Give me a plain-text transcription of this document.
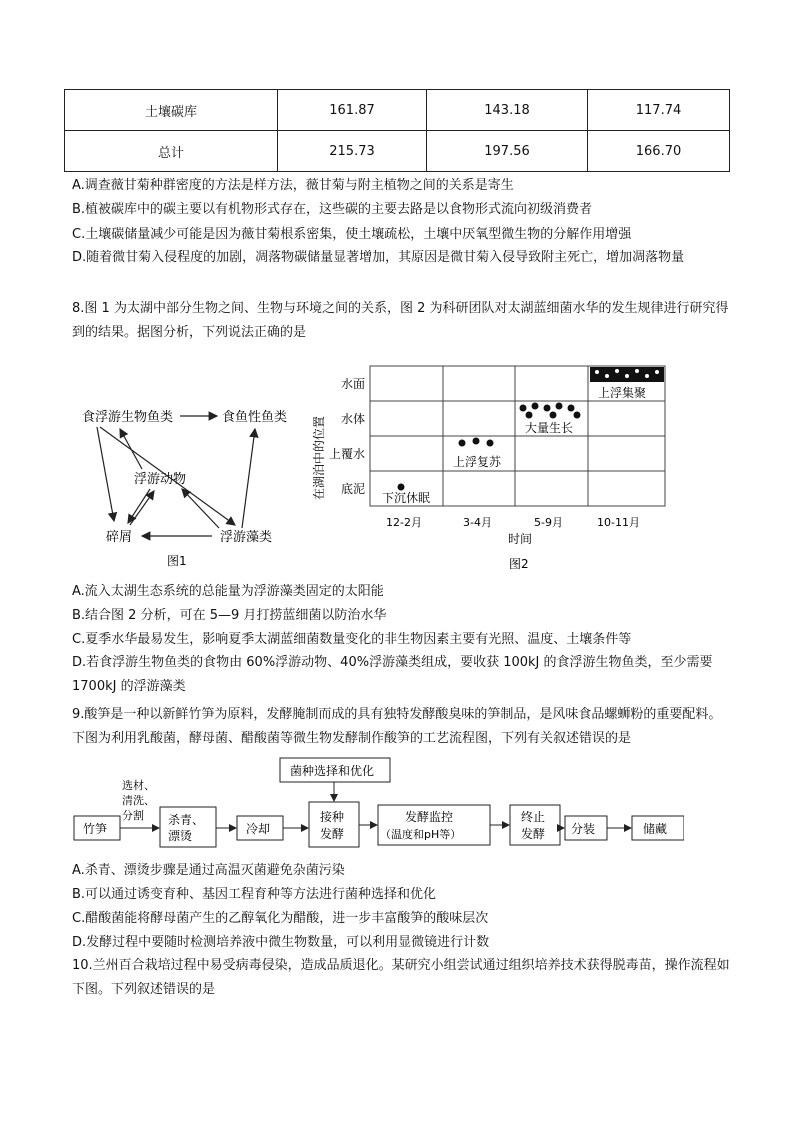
土壤碳库	161.87	143.18	117.74
总计	215.73	197.56	166.70
A.调查薇甘菊种群密度的方法是样方法，薇甘菊与附主植物之间的关系是寄生
B.植被碳库中的碳主要以有机物形式存在，这些碳的主要去路是以食物形式流向初级消费者
C.土壤碳储量减少可能是因为薇甘菊根系密集，使土壤疏松，土壤中厌氧型微生物的分解作用增强
D.随着微甘菊入侵程度的加剧，凋落物碳储量显著增加，其原因是微甘菊入侵导致附主死亡，增加凋落物量
8.图 1 为太湖中部分生物之间、生物与环境之间的关系，图 2 为科研团队对太湖蓝细菌水华的发生规律进行研究得到的结果。据图分析，下列说法正确的是
食浮游生物鱼类	食鱼性鱼类
浮游动物
碎屑	浮游藻类
图1
在湖泊中的位置
水面
水体
上覆水
底泥
12-2月	3-4月	5-9月	10-11月
时间
图2
下沉休眠
上浮复苏
大量生长
上浮集聚
A.流入太湖生态系统的总能量为浮游藻类固定的太阳能
B.结合图 2 分析，可在 5—9 月打捞蓝细菌以防治水华
C.夏季水华最易发生，影响夏季太湖蓝细菌数量变化的非生物因素主要有光照、温度、土壤条件等
D.若食浮游生物鱼类的食物由 60%浮游动物、40%浮游藻类组成，要收获 100kJ 的食浮游生物鱼类，至少需要 1700kJ 的浮游藻类
9.酸笋是一种以新鲜竹笋为原料，发酵腌制而成的具有独特发酵酸臭味的笋制品，是风味食品螺蛳粉的重要配料。下图为利用乳酸菌，酵母菌、醋酸菌等微生物发酵制作酸笋的工艺流程图，下列有关叙述错误的是
菌种选择和优化
选材、
清洗、
分割
竹笋
杀青、
漂烫	冷却
接种
发酵
发酵监控
（温度和pH等）
终止
发酵 分装	储藏
A.杀青、漂烫步骤是通过高温灭菌避免杂菌污染
B.可以通过诱变育种、基因工程育种等方法进行菌种选择和优化
C.醋酸菌能将酵母菌产生的乙醇氧化为醋酸，进一步丰富酸笋的酸味层次
D.发酵过程中要随时检测培养液中微生物数量，可以利用显微镜进行计数
10.兰州百合栽培过程中易受病毒侵染，造成品质退化。某研究小组尝试通过组织培养技术获得脱毒苗，操作流程如下图。下列叙述错误的是
